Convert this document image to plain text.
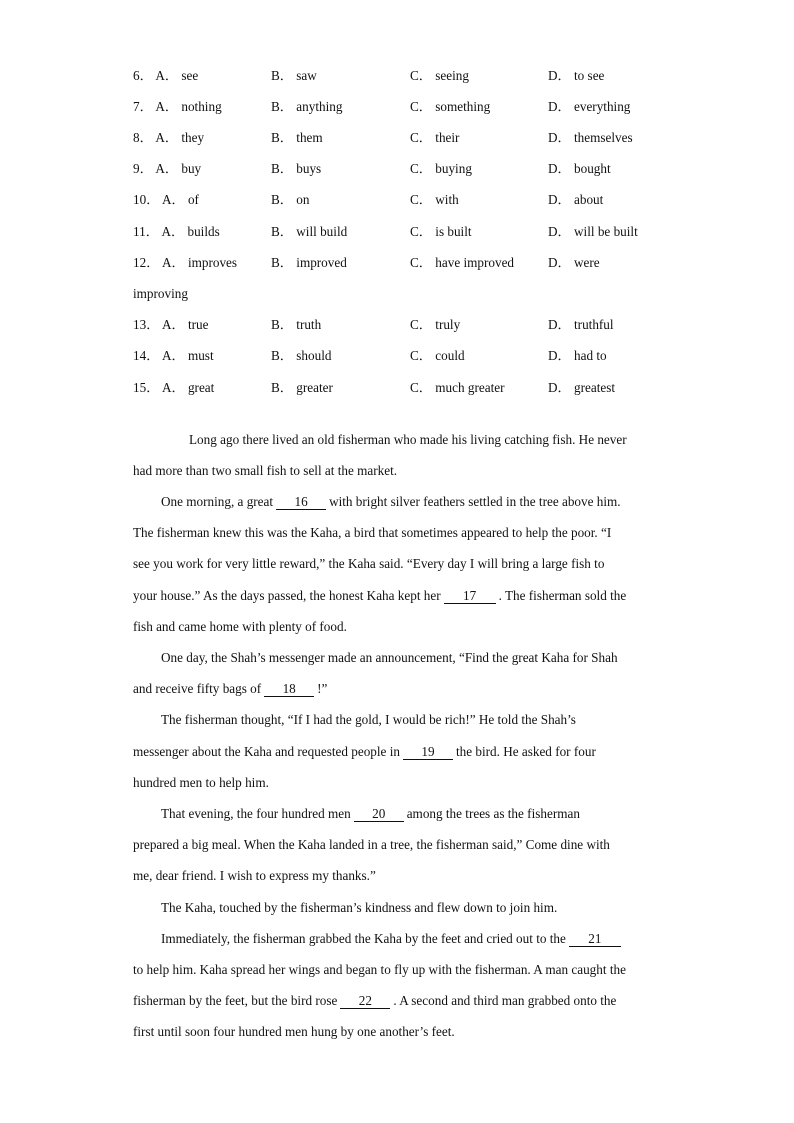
6． A． see	B． saw	C． seeing	D． to see
7． A． nothing	B． anything	C． something	D． everything
8． A． they	B． them	C． their	D． themselves
9． A． buy	B． buys	C． buying	D． bought
10． A． of	B． on	C． with	D． about
11． A． builds	B． will build	C． is built	D． will be built
12． A． improves	B． improved	C． have improved	D． were
improving
13． A． true	B． truth	C． truly	D． truthful
14． A． must	B． should	C． could	D． had to
15． A． great	B． greater	C． much greater	D． greatest
Long ago there lived an old fisherman who made his living catching fish. He never
had more than two small fish to sell at the market.
One morning, a great 16 with bright silver feathers settled in the tree above him.
The fisherman knew this was the Kaha, a bird that sometimes appeared to help the poor. “I
see you work for very little reward,” the Kaha said. “Every day I will bring a large fish to
your house.” As the days passed, the honest Kaha kept her 17 . The fisherman sold the
fish and came home with plenty of food.
One day, the Shah’s messenger made an announcement, “Find the great Kaha for Shah
and receive fifty bags of 18 !”
The fisherman thought, “If I had the gold, I would be rich!” He told the Shah’s
messenger about the Kaha and requested people in 19 the bird. He asked for four
hundred men to help him.
That evening, the four hundred men 20 among the trees as the fisherman
prepared a big meal. When the Kaha landed in a tree, the fisherman said,” Come dine with
me, dear friend. I wish to express my thanks.”
The Kaha, touched by the fisherman’s kindness and flew down to join him.
Immediately, the fisherman grabbed the Kaha by the feet and cried out to the 21
to help him. Kaha spread her wings and began to fly up with the fisherman. A man caught the
fisherman by the feet, but the bird rose 22 . A second and third man grabbed onto the
first until soon four hundred men hung by one another’s feet.
